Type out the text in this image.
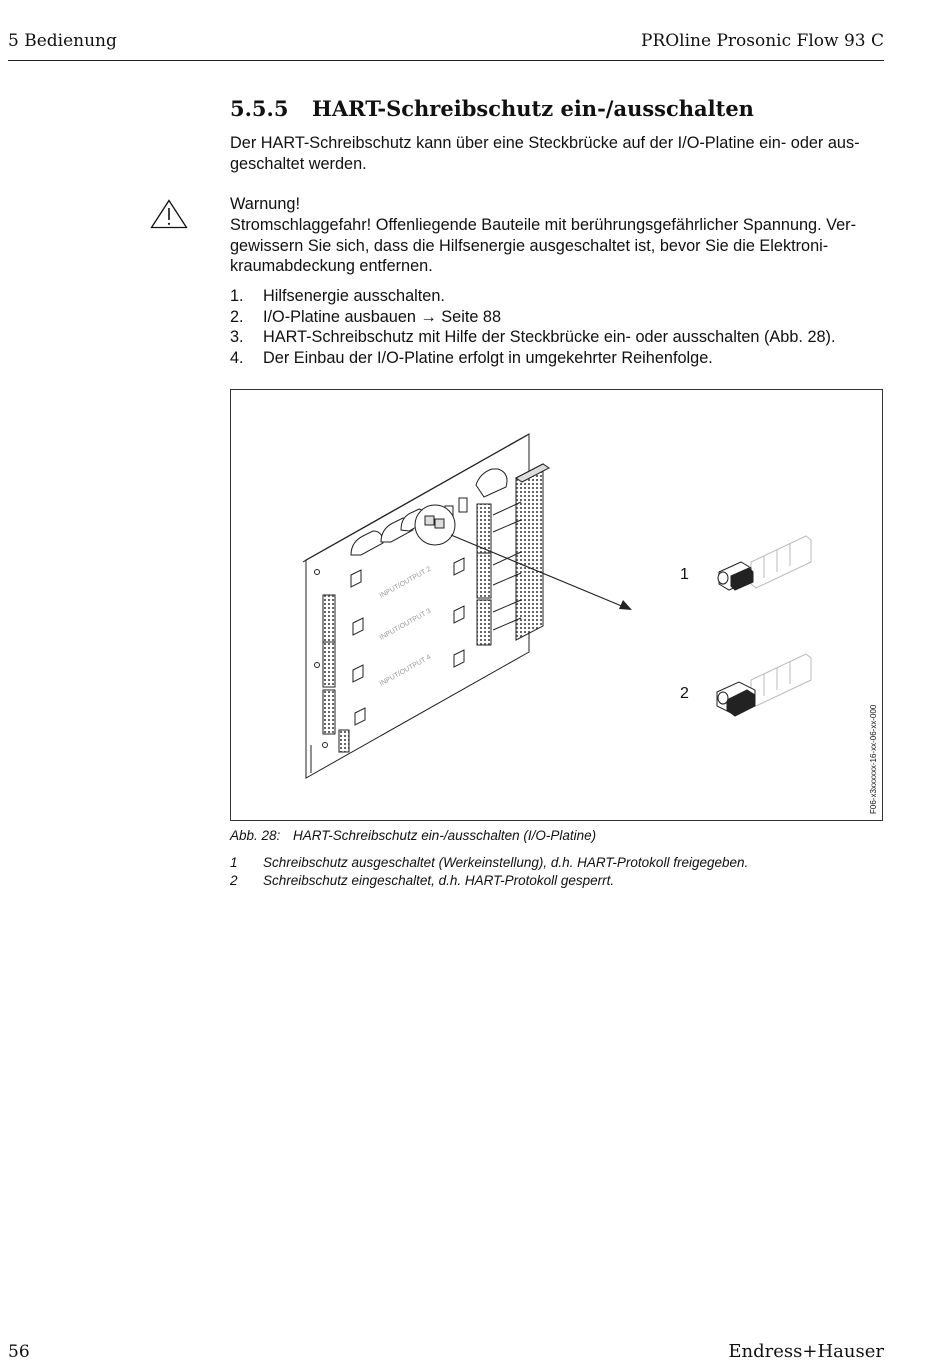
5 Bedienung	PROline Prosonic Flow 93 C
5.5.5 HART-Schreibschutz ein-/ausschalten
Der HART-Schreibschutz kann über eine Steckbrücke auf der I/O-Platine ein- oder ausgeschaltet werden.
Warnung!
Stromschlaggefahr! Offenliegende Bauteile mit berührungsgefährlicher Spannung. Vergewissern Sie sich, dass die Hilfsenergie ausgeschaltet ist, bevor Sie die Elektronikraumabdeckung entfernen.
1. Hilfsenergie ausschalten.
2. I/O-Platine ausbauen → Seite 88
3. HART-Schreibschutz mit Hilfe der Steckbrücke ein- oder ausschalten (Abb. 28).
4. Der Einbau der I/O-Platine erfolgt in umgekehrter Reihenfolge.
INPUT/OUTPUT 2
INPUT/OUTPUT 3
INPUT/OUTPUT 4
1
2
F06-x3xxxxxx-16-xx-06-xx-000
Abb. 28: HART-Schreibschutz ein-/ausschalten (I/O-Platine)
1 Schreibschutz ausgeschaltet (Werkeinstellung), d.h. HART-Protokoll freigegeben.
2 Schreibschutz eingeschaltet, d.h. HART-Protokoll gesperrt.
56	Endress+Hauser
